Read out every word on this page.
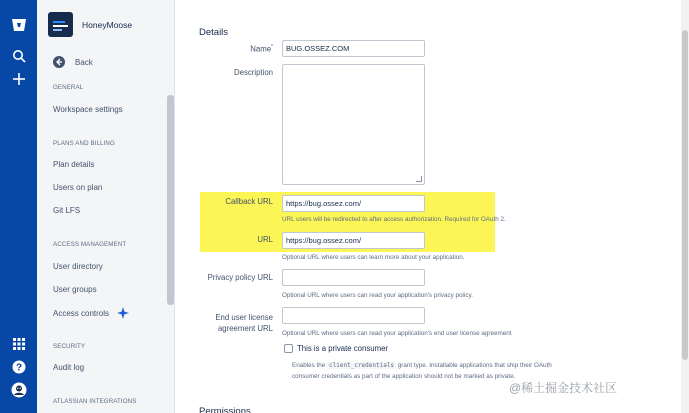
?
HoneyMoose
Back
GENERAL
Workspace settings
PLANS AND BILLING
Plan details
Users on plan
Git LFS
ACCESS MANAGEMENT
User directory
User groups
Access controls
SECURITY
Audit log
ATLASSIAN INTEGRATIONS
Details
Name*	BUG.OSSEZ.COM
Description
Callback URL	https://bug.ossez.com/
URL users will be redirected to after access authorization. Required for OAuth 2.
URL	https://bug.ossez.com/
Optional URL where users can learn more about your application.
Privacy policy URL
Optional URL where users can read your application's privacy policy.
End user license
agreement URL
Optional URL where users can read your application's end user license agreement
This is a private consumer
Enables the client_credentials grant type. Installable applications that ship their OAuth consumer credentials as part of the application should not be marked as private.
Permissions
@稀土掘金技术社区
